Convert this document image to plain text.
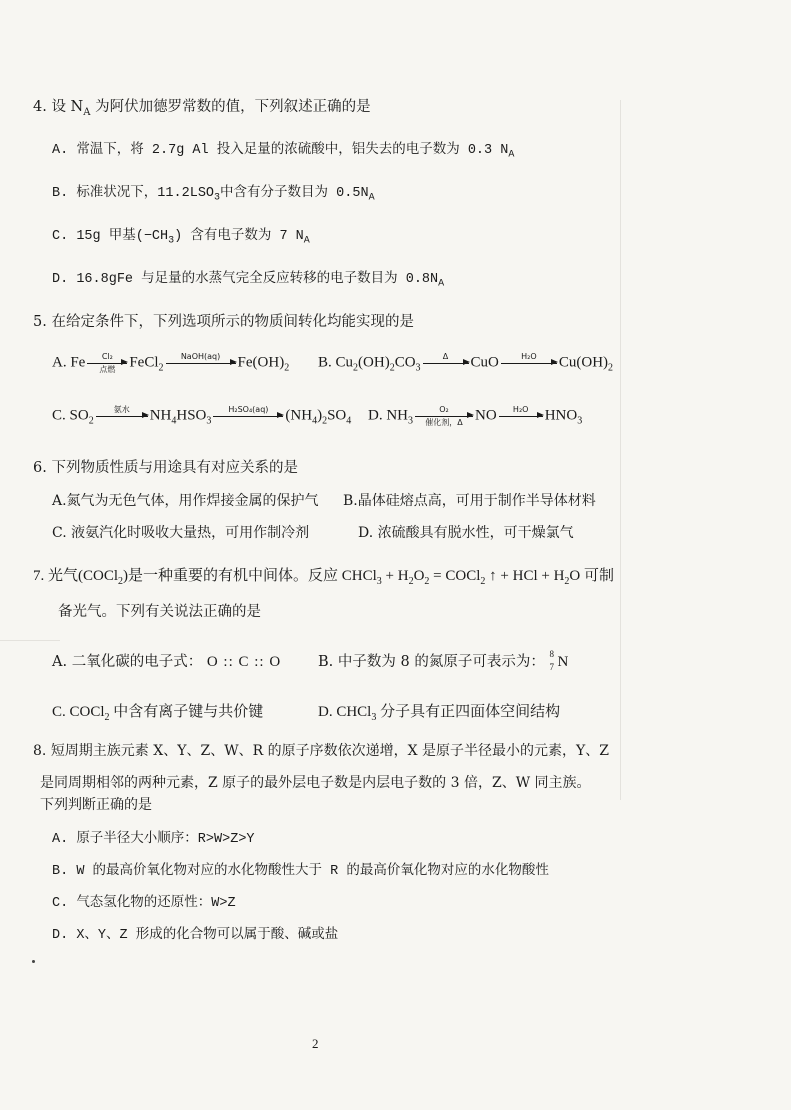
4. 设 $N_A$ 为阿伏加德罗常数的值，下列叙述正确的是
A. 常温下，将 2.7g Al 投入足量的浓硫酸中，铝失去的电子数为 0.3 $N_A$
B. 标准状况下，$11.2LSO_3$中含有分子数目为 $0.5N_A$
C. 15g 甲基$(-CH_3)$ 含有电子数为 7 $N_A$
D. 16.8gFe 与足量的水蒸气完全反应转移的电子数目为 $0.8N_A$
5. 在给定条件下，下列选项所示的物质间转化均能实现的是
A. Fe	Cl₂
点燃 FeCl$_2$
NaOH(aq)	$Fe(OH)_2$ B. $Cu_2(OH)_2CO_3$
Δ	CuO	H₂O	$Cu(OH)_2$
C. $SO_2$
氨水	$NH_4HSO_3$
H₂SO₄(aq)	$(NH_4)_2SO_4$ D. $NH_3$
O₂
催化剂，Δ NO	H₂O	$HNO_3$
6. 下列物质性质与用途具有对应关系的是
A.氮气为无色气体，用作焊接金属的保护气 B.晶体硅熔点高，可用于制作半导体材料
C. 液氨汽化时吸收大量热，可用作制冷剂	D. 浓硫酸具有脱水性，可干燥氯气
7. 光气(COCl$_2$)是一种重要的有机中间体。反应 CHCl$_3$ + $H_2O_2$ = COCl$_2$ ↑ + HCl + $H_2O$ 可制
备光气。下列有关说法正确的是
A. 二氧化碳的电子式： O :: C :: O	B. 中子数为 8 的氮原子可表示为： 8
7 N
C. COCl$_2$ 中含有离子键与共价键	D. CHCl$_3$ 分子具有正四面体空间结构
8. 短周期主族元素 X、Y、Z、W、R 的原子序数依次递增，X 是原子半径最小的元素，Y、Z
是同周期相邻的两种元素，Z 原子的最外层电子数是内层电子数的 3 倍，Z、W 同主族。
下列判断正确的是
A. 原子半径大小顺序：R>W>Z>Y
B. W 的最高价氧化物对应的水化物酸性大于 R 的最高价氧化物对应的水化物酸性
C. 气态氢化物的还原性：W>Z
D. X、Y、Z 形成的化合物可以属于酸、碱或盐
2
